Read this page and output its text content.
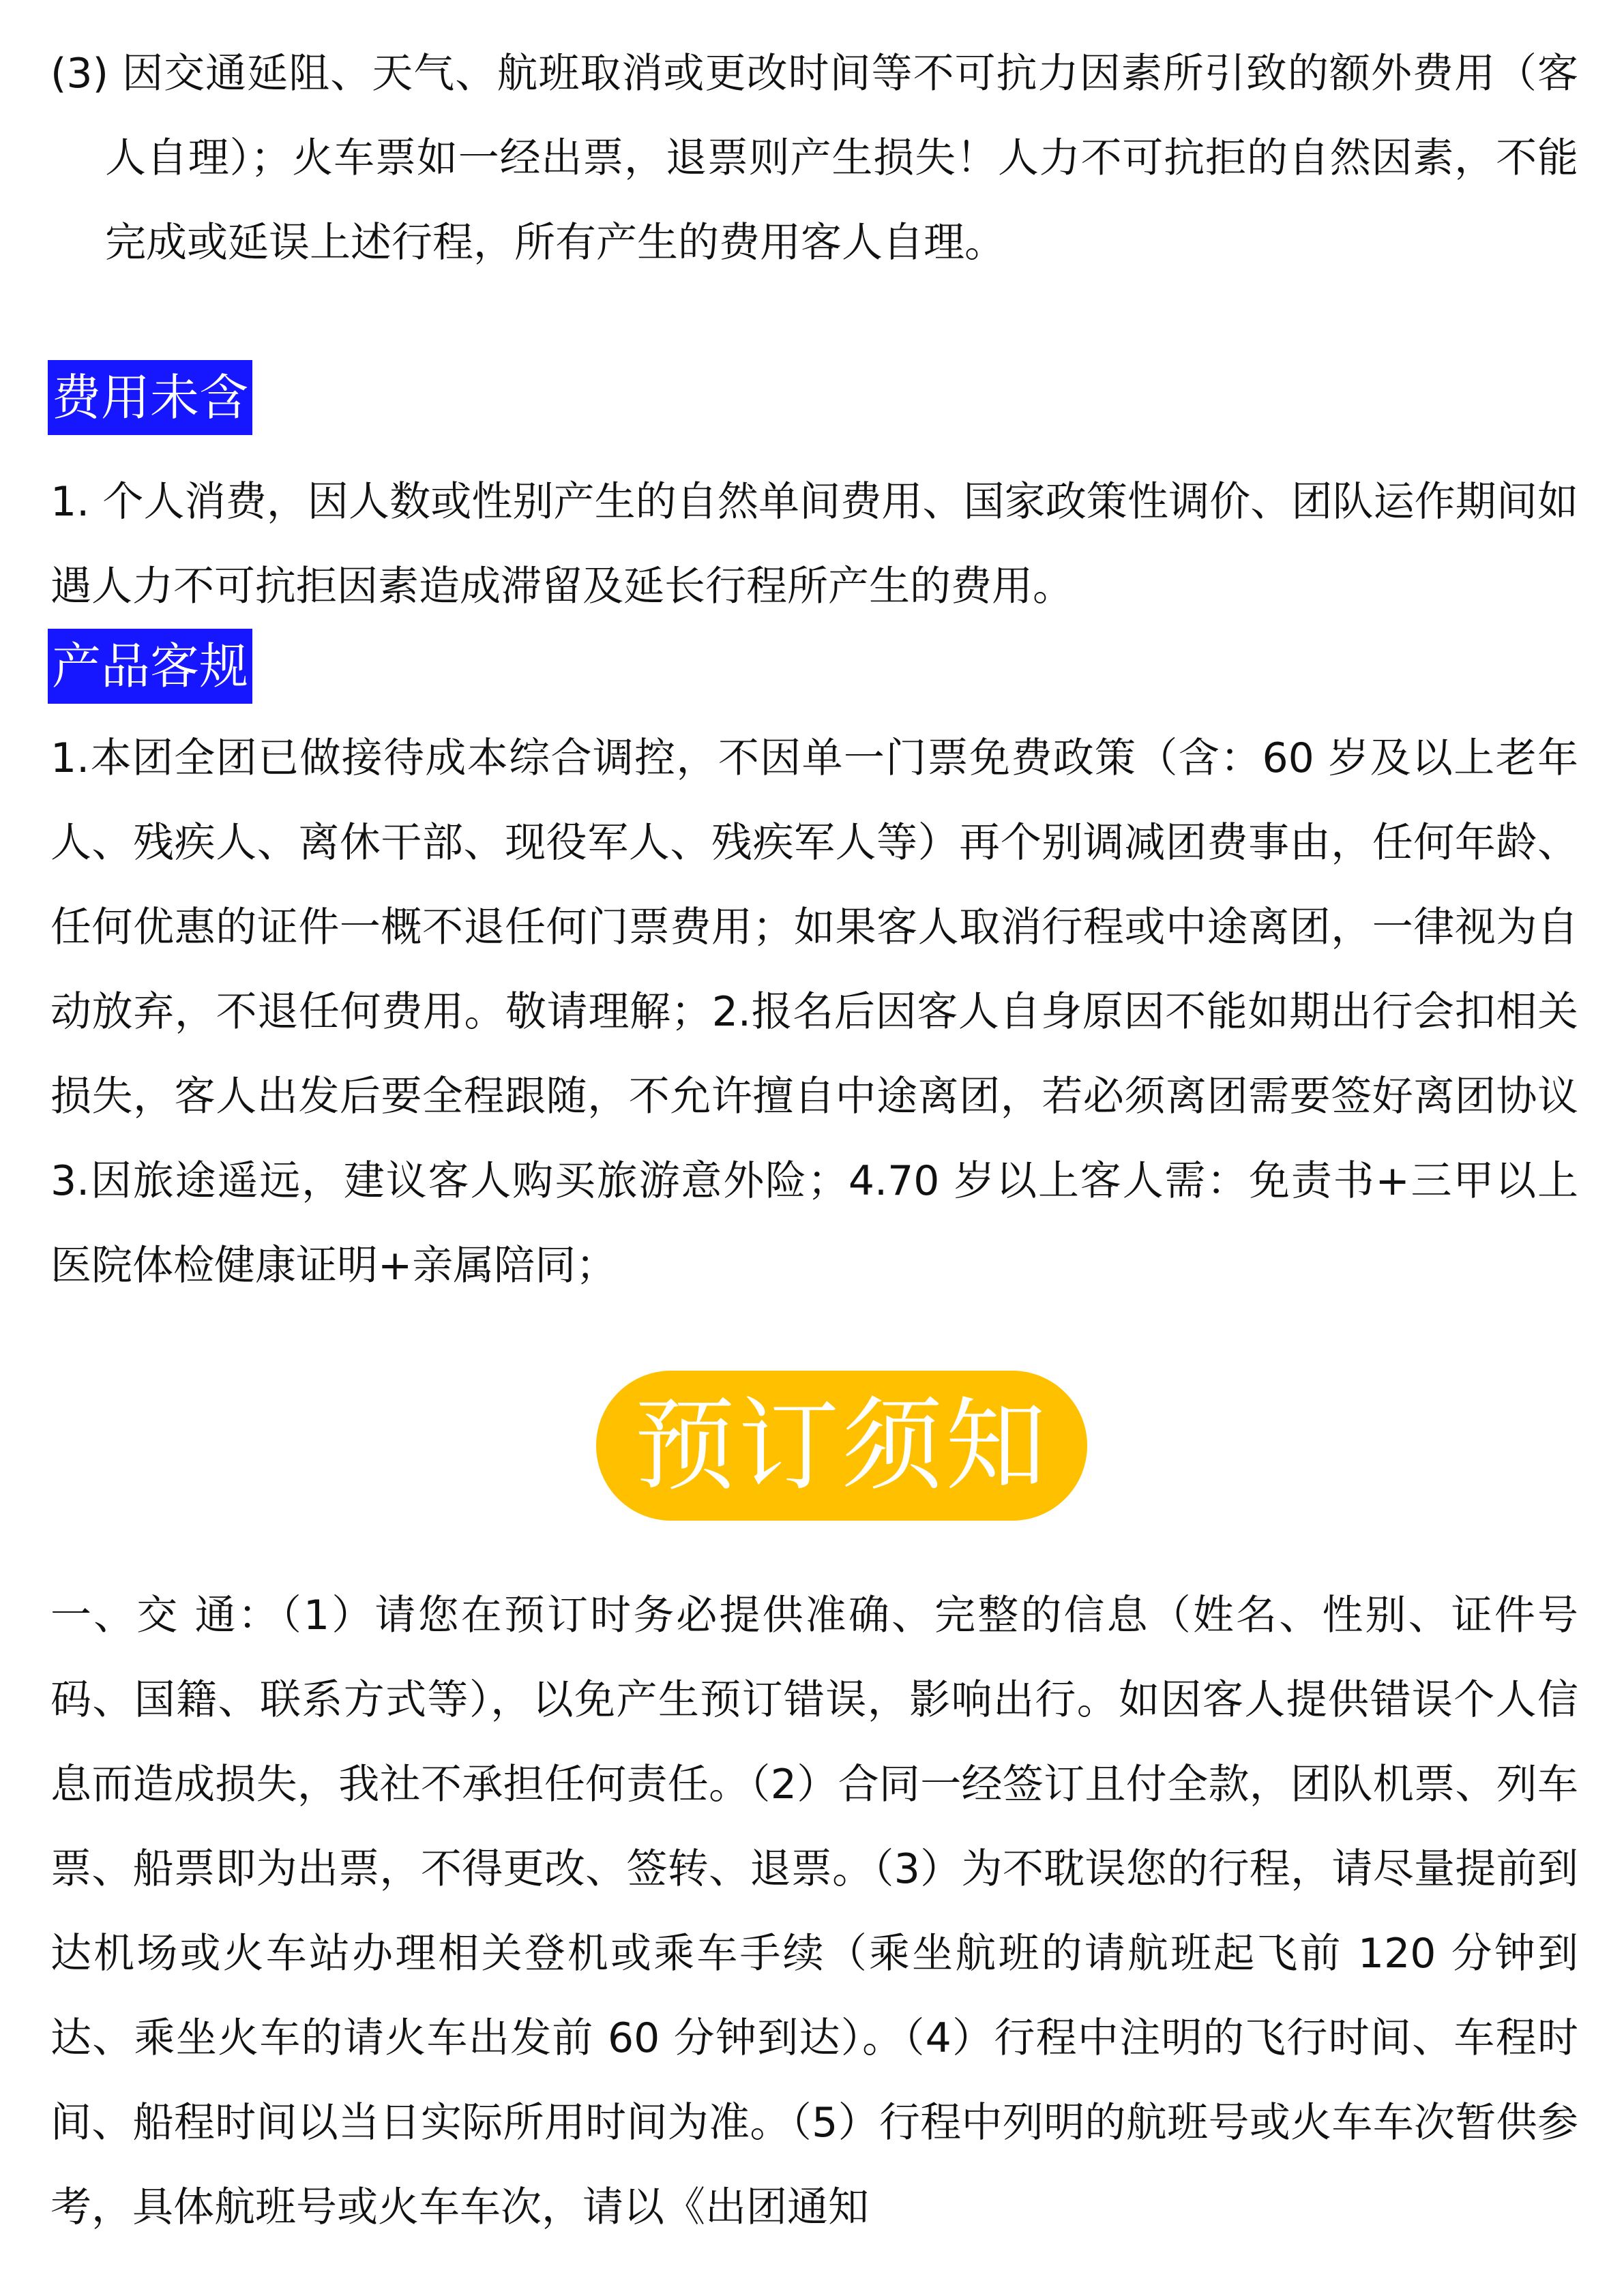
(3) 因交通延阻、天气、航班取消或更改时间等不可抗力因素所引致的额外费用（客人自理）；火车票如一经出票，退票则产生损失！人力不可抗拒的自然因素，不能完成或延误上述行程，所有产生的费用客人自理。

费用未含

1. 个人消费，因人数或性别产生的自然单间费用、国家政策性调价、团队运作期间如遇人力不可抗拒因素造成滞留及延长行程所产生的费用。

产品客规

1.本团全团已做接待成本综合调控，不因单一门票免费政策（含：60 岁及以上老年人、残疾人、离休干部、现役军人、残疾军人等）再个别调减团费事由，任何年龄、任何优惠的证件一概不退任何门票费用；如果客人取消行程或中途离团，一律视为自动放弃，不退任何费用。敬请理解；2.报名后因客人自身原因不能如期出行会扣相关损失，客人出发后要全程跟随，不允许擅自中途离团，若必须离团需要签好离团协议 3.因旅途遥远，建议客人购买旅游意外险；4.70 岁以上客人需：免责书+三甲以上医院体检健康证明+亲属陪同；

预订须知

一、交 通：（1）请您在预订时务必提供准确、完整的信息（姓名、性别、证件号码、国籍、联系方式等），以免产生预订错误，影响出行。如因客人提供错误个人信息而造成损失，我社不承担任何责任。（2）合同一经签订且付全款，团队机票、列车票、船票即为出票，不得更改、签转、退票。（3）为不耽误您的行程，请尽量提前到达机场或火车站办理相关登机或乘车手续（乘坐航班的请航班起飞前 120 分钟到达、乘坐火车的请火车出发前 60 分钟到达）。（4）行程中注明的飞行时间、车程时间、船程时间以当日实际所用时间为准。（5）行程中列明的航班号或火车车次暂供参考，具体航班号或火车车次，请以《出团通知
